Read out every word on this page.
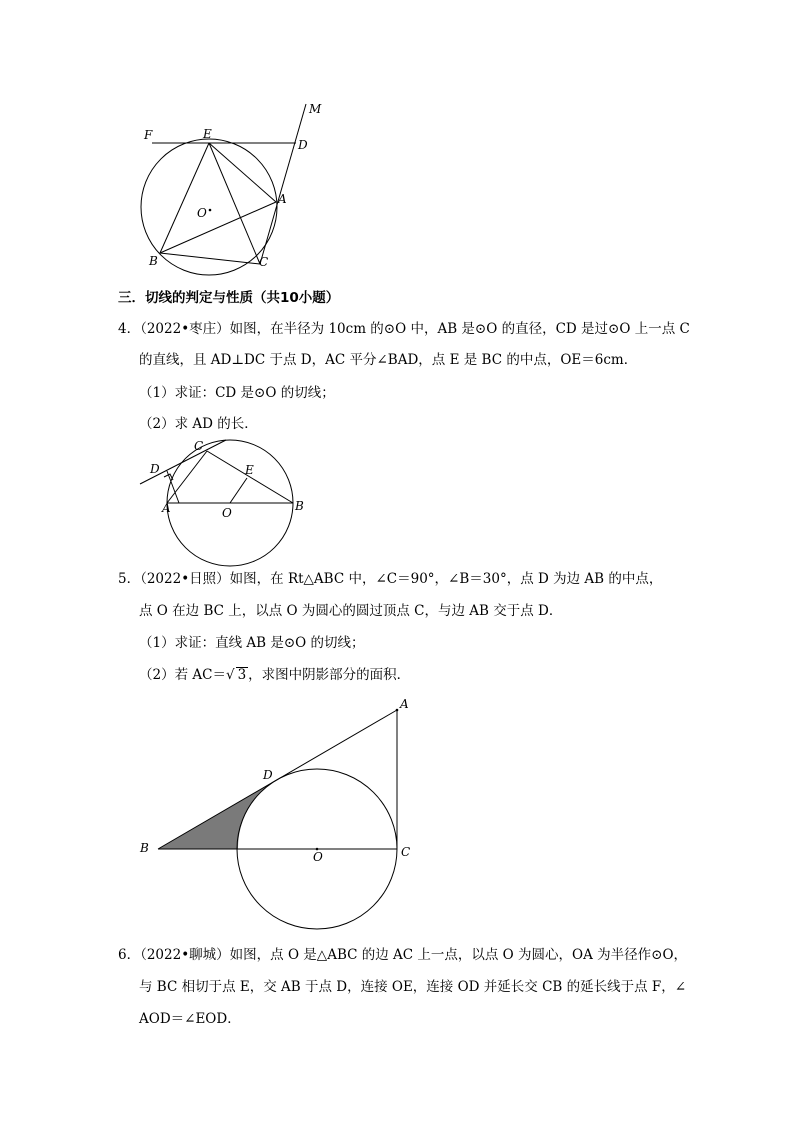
M
F	E
D
O
A
B	C
三．切线的判定与性质（共10小题）
4．（2022•枣庄）如图，在半径为 10cm 的⊙O 中，AB 是⊙O 的直径，CD 是过⊙O 上一点 C
的直线，且 AD⊥DC 于点 D，AC 平分∠BAD，点 E 是 BC 的中点，OE＝6cm．
（1）求证：CD 是⊙O 的切线；
（2）求 AD 的长．
C
D	E
A	O	B
5．（2022•日照）如图，在 Rt△ABC 中，∠C＝90°，∠B＝30°，点 D 为边 AB 的中点，
点 O 在边 BC 上，以点 O 为圆心的圆过顶点 C，与边 AB 交于点 D．
（1）求证：直线 AB 是⊙O 的切线；
（2）若 AC＝√ 3 ，求图中阴影部分的面积．
A
D
B
O	C
6．（2022•聊城）如图，点 O 是△ABC 的边 AC 上一点，以点 O 为圆心，OA 为半径作⊙O，
与 BC 相切于点 E，交 AB 于点 D，连接 OE，连接 OD 并延长交 CB 的延长线于点 F，∠
AOD＝∠EOD．
